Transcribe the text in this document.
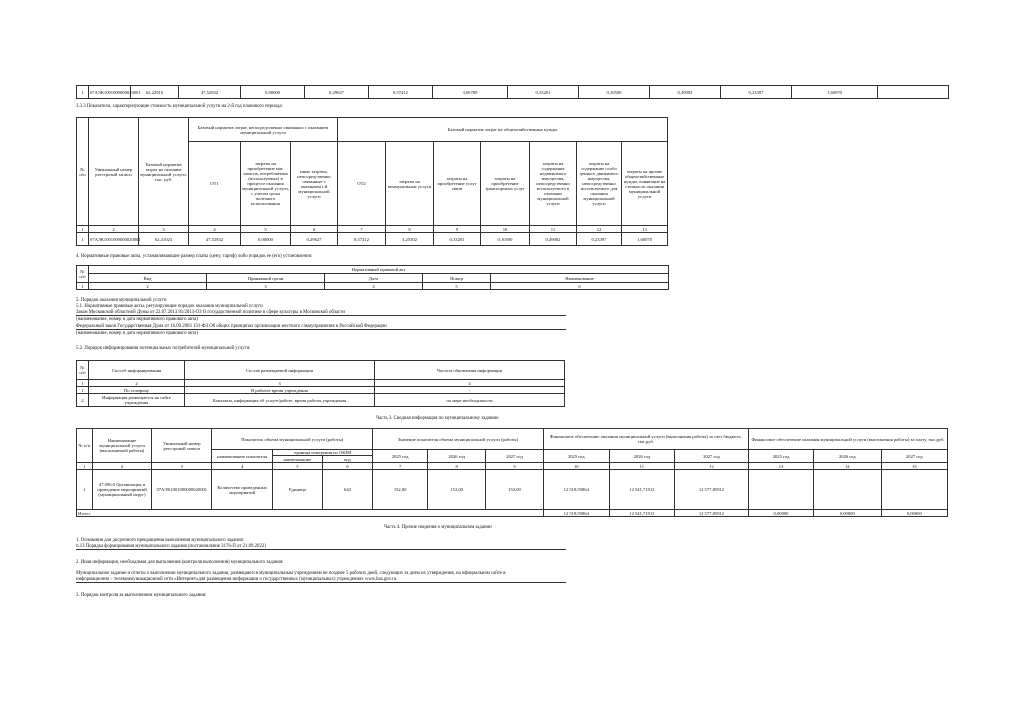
1	07АЭК1001000000020001	62,22910	47,52832	0,00000	0,29627	8,57412	3,06789	0,33201	0,10500	0,49002	0,23397	1,60070	
3.3.3 Показатели, характеризующие стоимость муниципальной услуги на 2-й год планового периода:
№ п/п	Уникальный номер реестровой записи	Базовый норматив затрат на оказание муниципальной услуги, тыс. руб.	Базовый норматив затрат, непосредственно связанных с оказанием муниципальной услуги			Базовый норматив затрат на общехозяйственные нужды						
			ОТ1	затраты на приобретение мат. запасов, потребляемых (используемых) в процессе оказания муниципальной услуги, с учетом срока полезного использования	иные затраты, непосредственно связанные с оказанием i-й муниципальной услуги	ОТ2	затраты на коммунальные услуги	затраты на приобретение услуг связи	затраты на приобретение транспортных услуг	затраты на содержание недвижимого имущества, непосредственно используемого в оказании муниципальной услуги	затраты на содержание особо ценного движимого имущества, непосредственно используемого для оказания муниципальной услуги	затраты на прочие общехозяйственные нужды, влияющие на стоимость оказания муниципальной услуги
1	2	3	4	5	6	7	8	9	10	11	12	13
1	07АЭК1001000000020001	62,41023	47,52832	0,00000	0,29627	8,57412	3,25502	0,33201	0,10500	0,49002	0,23397	1,60070
4. Нормативные правовые акты, устанавливающие размер платы (цену, тариф) либо порядок ее (его) установления:
№ п/п	Нормативный правовой акт				
	Вид	Принявший орган	Дата	Номер	Наименование
1	2	3	4	5	6
5. Порядок оказания муниципальной услуги
5.1. Нормативные правовые акты, регулирующие порядок оказания муниципальной услуги
Закон Московской областной Думы от 22.07.2013 81/2013-ОЗ О государственной политике в сфере культуры в Московской области
(наименование, номер и дата нормативного правового акта)
Федеральный закон Государственная Дума от 16.09.2003 131-ФЗ Об общих принципах организации местного самоуправления в Российской Федерации
(наименование, номер и дата нормативного правового акта)
5.2. Порядок информирования потенциальных потребителей муниципальной услуги:
№ п/п	Способ информирования	Состав размещаемой информации	Частота обновления информации
1	2	3	4
1	По телефону	В рабочее время учреждения	-
2	Информация размещается на сайте учреждения	Контакты, информация об услуге/работе, время работы учреждения	по мере необходимости
Часть 3. Сводная информация по муниципальному заданию
№ п/п	Наименование муниципальной услуги (выполняемой работы)	Уникальный номер реестровой записи	Показатель объема муниципальной услуги (работы)			Значение показателя объема муниципальной услуги (работы)			Финансовое обеспечение оказания муниципальной услуги (выполнения работы) за счет бюджета, тыс.руб.			Финансовое обеспечение оказания муниципальной услуги (выполнения работы) за плату, тыс.руб.		
			наименование показателя	единица измерения по ОКЕИ		2025 год	2026 год	2027 год	2025 год	2026 год	2027 год	2025 год	2026 год	2027 год
				наименование	код									
1	2	3	4	5	6	7	8	9	10	11	12	13	14	15
1	47.096.0 Организация и проведение мероприятий (муниципальный округ)	07АЭК1001000000020001	Количество проведенных мероприятий	Единица	642	152,00	152,00	152,00	12 518,95864	12 541,71912	12 577,85912			
Итого:									12 518,95864	12 541,71912	12 577,85912	0,00000	0,00000	0,00000
Часть 4. Прочие сведения о муниципальном задании
1. Основания для досрочного прекращения выполнения муниципального задания:
п.13 Порядка формирования муниципального задания (постановление 3176-П от 21.09.2022)
2. Иная информация, необходимая для выполнения (контроля выполнения) муниципального задания:
Муниципальное задание и отчеты о выполнении муниципального задания, размещаются муниципальным учреждением не позднее 5 рабочих дней, следующих за днем их утверждения, на официальном сайте в
информационно – телекоммуникационной сети «Интернет»для размещения информации о государственных (муниципальных) учреждениях www.bus.gov.ru.
3. Порядок контроля за выполнением муниципального задания:
